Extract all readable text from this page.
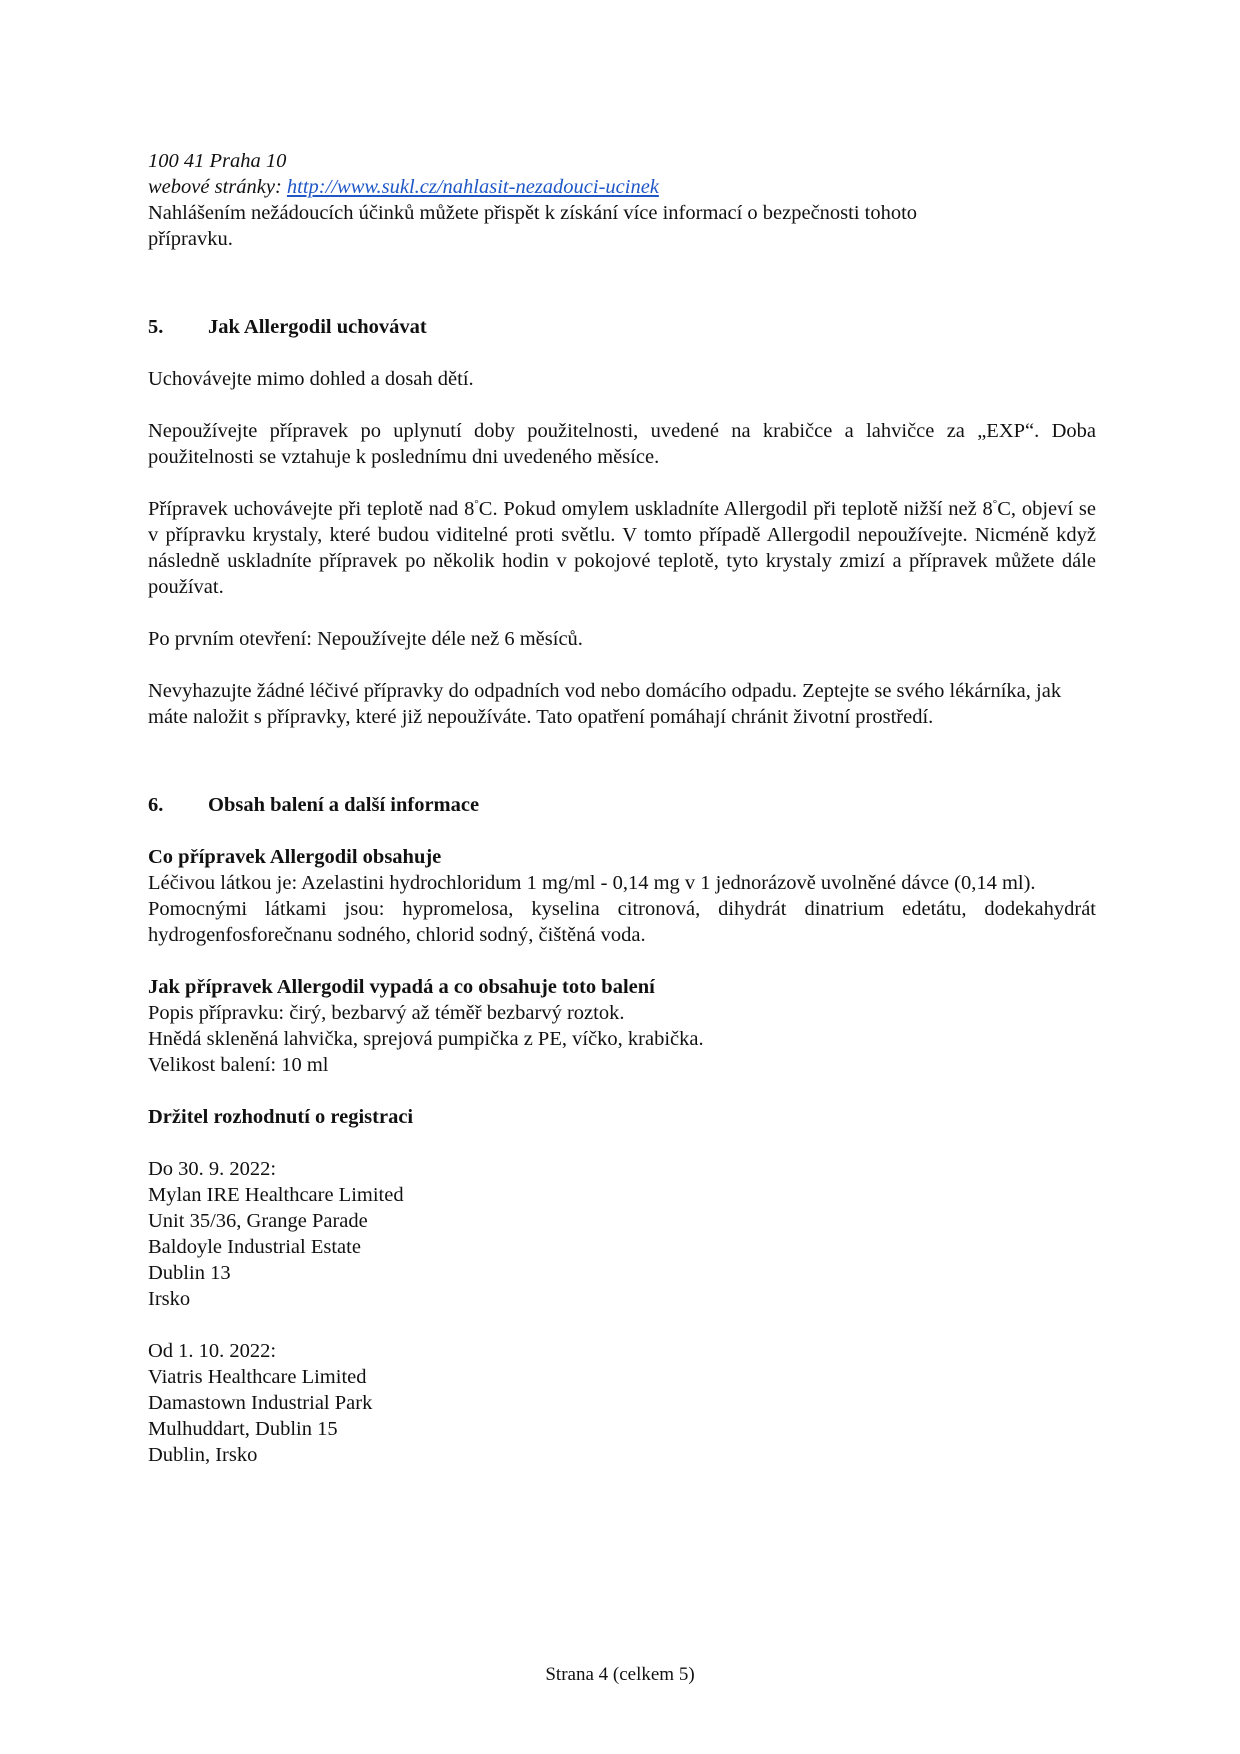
100 41 Praha 10

webové stránky: http://www.sukl.cz/nahlasit-nezadouci-ucinek

Nahlášením nežádoucích účinků můžete přispět k získání více informací o bezpečnosti tohoto přípravku.

5.	Jak Allergodil uchovávat

Uchovávejte mimo dohled a dosah dětí.

Nepoužívejte přípravek po uplynutí doby použitelnosti, uvedené na krabičce a lahvičce za „EXP“. Doba použitelnosti se vztahuje k poslednímu dni uvedeného měsíce.

Přípravek uchovávejte při teplotě nad 8°C. Pokud omylem uskladníte Allergodil při teplotě nižší než 8°C, objeví se v přípravku krystaly, které budou viditelné proti světlu. V tomto případě Allergodil nepoužívejte. Nicméně když následně uskladníte přípravek po několik hodin v pokojové teplotě, tyto krystaly zmizí a přípravek můžete dále používat.

Po prvním otevření: Nepoužívejte déle než 6 měsíců.

Nevyhazujte žádné léčivé přípravky do odpadních vod nebo domácího odpadu. Zeptejte se svého lékárníka, jak máte naložit s přípravky, které již nepoužíváte. Tato opatření pomáhají chránit životní prostředí.

6.	Obsah balení a další informace

Co přípravek Allergodil obsahuje

Léčivou látkou je: Azelastini hydrochloridum 1 mg/ml - 0,14 mg v 1 jednorázově uvolněné dávce (0,14 ml).

Pomocnými látkami jsou: hypromelosa, kyselina citronová, dihydrát dinatrium edetátu, dodekahydrát hydrogenfosforečnanu sodného, chlorid sodný, čištěná voda.

Jak přípravek Allergodil vypadá a co obsahuje toto balení

Popis přípravku: čirý, bezbarvý až téměř bezbarvý roztok.

Hnědá skleněná lahvička, sprejová pumpička z PE, víčko, krabička.

Velikost balení: 10 ml

Držitel rozhodnutí o registraci

Do 30. 9. 2022:

Mylan IRE Healthcare Limited

Unit 35/36, Grange Parade

Baldoyle Industrial Estate

Dublin 13

Irsko

Od 1. 10. 2022:

Viatris Healthcare Limited

Damastown Industrial Park

Mulhuddart, Dublin 15

Dublin, Irsko

Strana 4 (celkem 5)
